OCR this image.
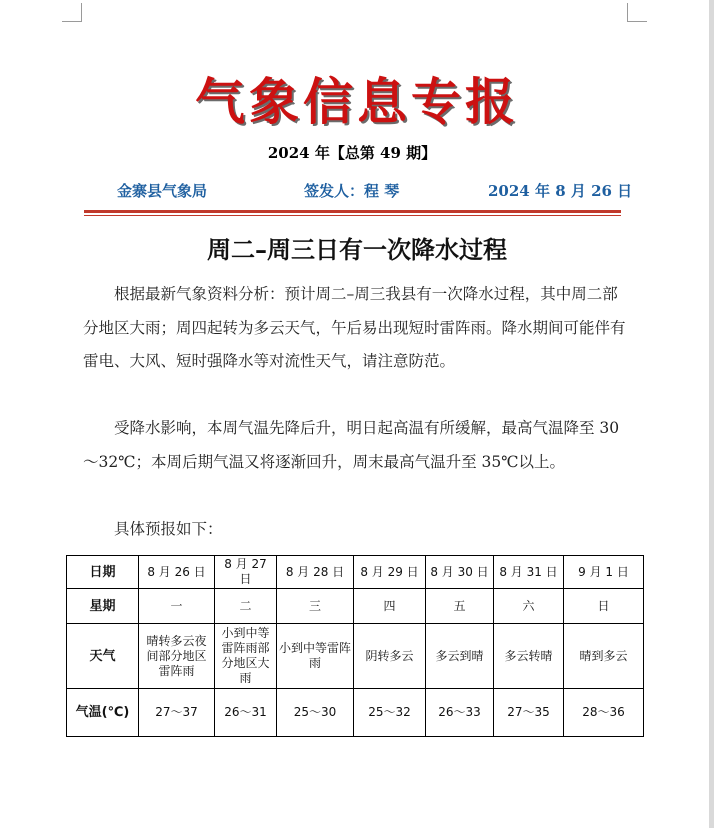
气象信息专报
2024 年【总第 49 期】
金寨县气象局	签发人：程 琴	2024 年 8 月 26 日
周二–周三日有一次降水过程

根据最新气象资料分析：预计周二–周三我县有一次降水过程，其中周二部分地区大雨；周四起转为多云天气，午后易出现短时雷阵雨。降水期间可能伴有雷电、大风、短时强降水等对流性天气，请注意防范。

受降水影响，本周气温先降后升，明日起高温有所缓解，最高气温降至 30～32℃；本周后期气温又将逐渐回升，周末最高气温升至 35℃以上。

具体预报如下：

日期	8 月 26 日	8 月 27 日	8 月 28 日	8 月 29 日	8 月 30 日	8 月 31 日	9 月 1 日
星期	一	二	三	四	五	六	日
天气	晴转多云夜间部分地区雷阵雨	小到中等雷阵雨部分地区大雨	小到中等雷阵雨	阴转多云	多云到晴	多云转晴	晴到多云
气温(℃)	27～37	26～31	25～30	25～32	26～33	27～35	28～36
